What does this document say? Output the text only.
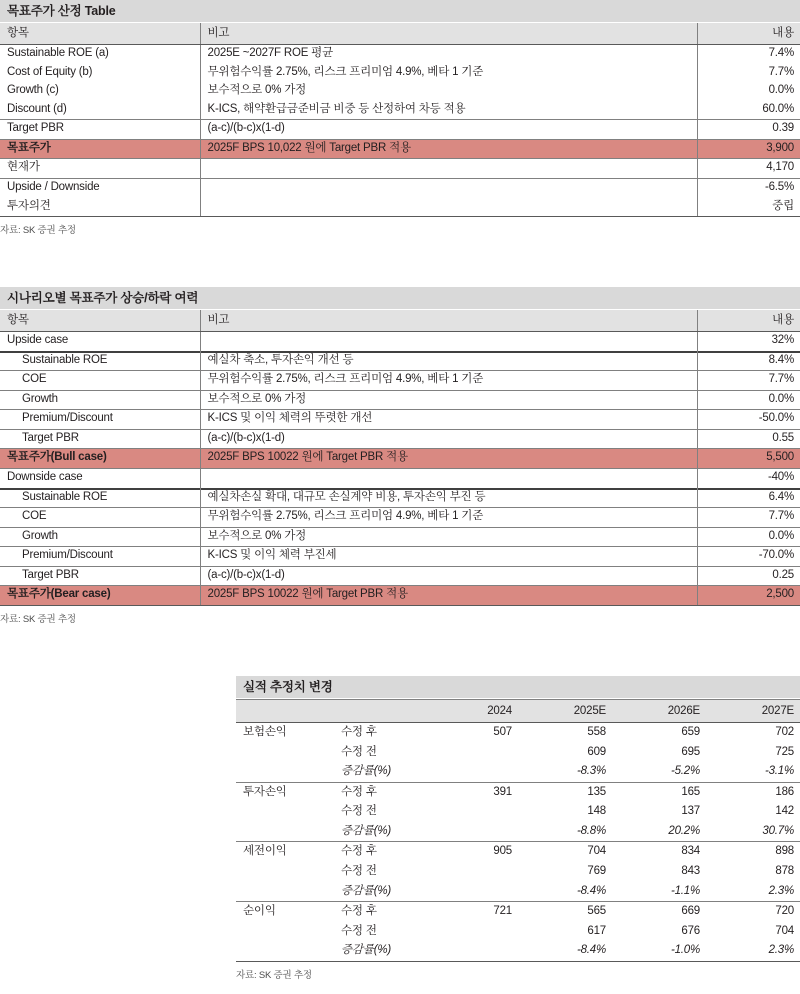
목표주가 산정 Table
항목	비고	내용
Sustainable ROE (a)	2025E ~2027F ROE 평균	7.4%
Cost of Equity (b)	무위험수익률 2.75%, 리스크 프리미엄 4.9%, 베타 1 기준	7.7%
Growth (c)	보수적으로 0% 가정	0.0%
Discount (d)	K-ICS, 해약환급금준비금 비중 등 산정하여 차등 적용	60.0%
Target PBR	(a-c)/(b-c)x(1-d)	0.39
목표주가	2025F BPS 10,022 원에 Target PBR 적용	3,900
현재가		4,170
Upside / Downside		-6.5%
투자의견		중립
자료: SK 증권 추정
시나리오별 목표주가 상승/하락 여력
항목	비고	내용
Upside case		32%
Sustainable ROE	예실차 축소, 투자손익 개선 등	8.4%
COE	무위험수익률 2.75%, 리스크 프리미엄 4.9%, 베타 1 기준	7.7%
Growth	보수적으로 0% 가정	0.0%
Premium/Discount	K-ICS 및 이익 체력의 뚜렷한 개선	-50.0%
Target PBR	(a-c)/(b-c)x(1-d)	0.55
목표주가(Bull case)	2025F BPS 10022 원에 Target PBR 적용	5,500
Downside case		-40%
Sustainable ROE	예실차손실 확대, 대규모 손실계약 비용, 투자손익 부진 등	6.4%
COE	무위험수익률 2.75%, 리스크 프리미엄 4.9%, 베타 1 기준	7.7%
Growth	보수적으로 0% 가정	0.0%
Premium/Discount	K-ICS 및 이익 체력 부진세	-70.0%
Target PBR	(a-c)/(b-c)x(1-d)	0.25
목표주가(Bear case)	2025F BPS 10022 원에 Target PBR 적용	2,500
자료: SK 증권 추정
실적 추정치 변경
		2024	2025E	2026E	2027E
보험손익	수정 후	507	558	659	702
	수정 전		609	695	725
	증감률(%)		-8.3%	-5.2%	-3.1%
투자손익	수정 후	391	135	165	186
	수정 전		148	137	142
	증감률(%)		-8.8%	20.2%	30.7%
세전이익	수정 후	905	704	834	898
	수정 전		769	843	878
	증감률(%)		-8.4%	-1.1%	2.3%
순이익	수정 후	721	565	669	720
	수정 전		617	676	704
	증감률(%)		-8.4%	-1.0%	2.3%
자료: SK 증권 추정
